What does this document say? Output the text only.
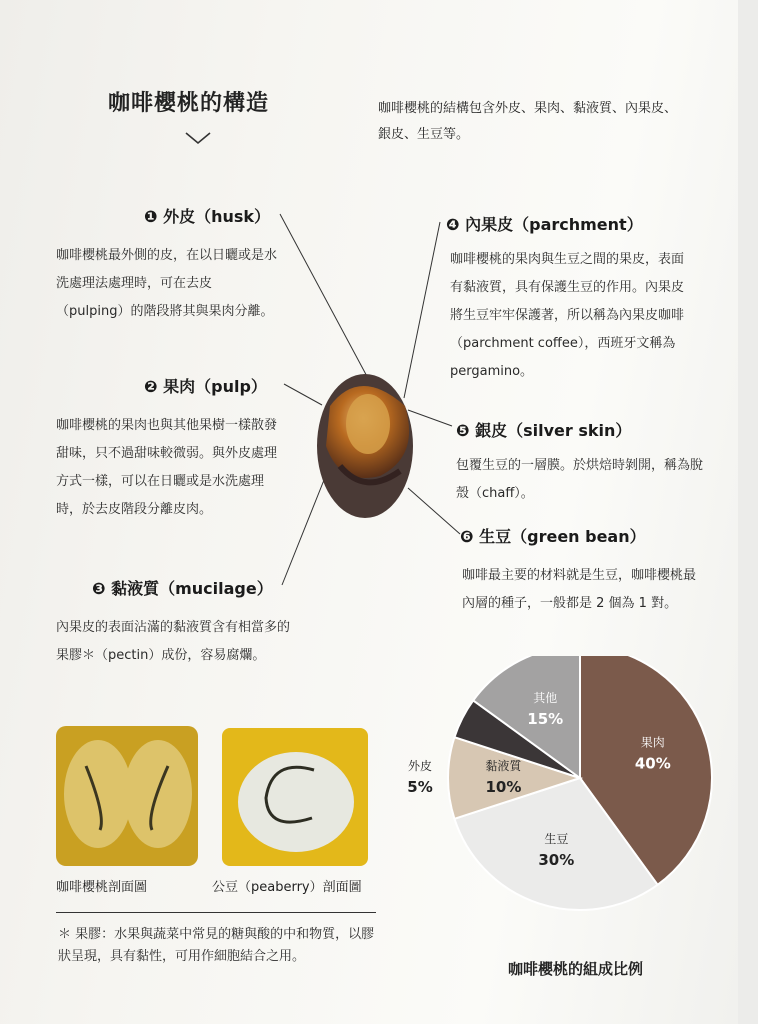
咖啡櫻桃的構造	咖啡櫻桃的結構包含外皮、果肉、黏液質、內果皮、銀皮、生豆等。
❶ 外皮（husk）
咖啡櫻桃最外側的皮，在以日曬或是水洗處理法處理時，可在去皮（pulping）的階段將其與果肉分離。
❷ 果肉（pulp）
咖啡櫻桃的果肉也與其他果樹一樣散發甜味，只不過甜味較微弱。與外皮處理方式一樣，可以在日曬或是水洗處理時，於去皮階段分離皮肉。
❸ 黏液質（mucilage）
內果皮的表面沾滿的黏液質含有相當多的果膠＊（pectin）成份，容易腐爛。
❹ 內果皮（parchment）
咖啡櫻桃的果肉與生豆之間的果皮，表面有黏液質，具有保護生豆的作用。內果皮將生豆牢牢保護著，所以稱為內果皮咖啡（parchment coffee），西班牙文稱為 pergamino。
❺ 銀皮（silver skin）
包覆生豆的一層膜。於烘焙時剝開，稱為脫殼（chaff）。
❻ 生豆（green bean）
咖啡最主要的材料就是生豆，咖啡櫻桃最內層的種子，一般都是 2 個為 1 對。
咖啡櫻桃剖面圖	公豆（peaberry）剖面圖
＊ 果膠：水果與蔬菜中常見的糖與酸的中和物質，以膠狀呈現，具有黏性，可用作細胞結合之用。
果肉
40%
生豆
30%
黏液質
10%
外皮
5%
其他
15%
咖啡櫻桃的組成比例
